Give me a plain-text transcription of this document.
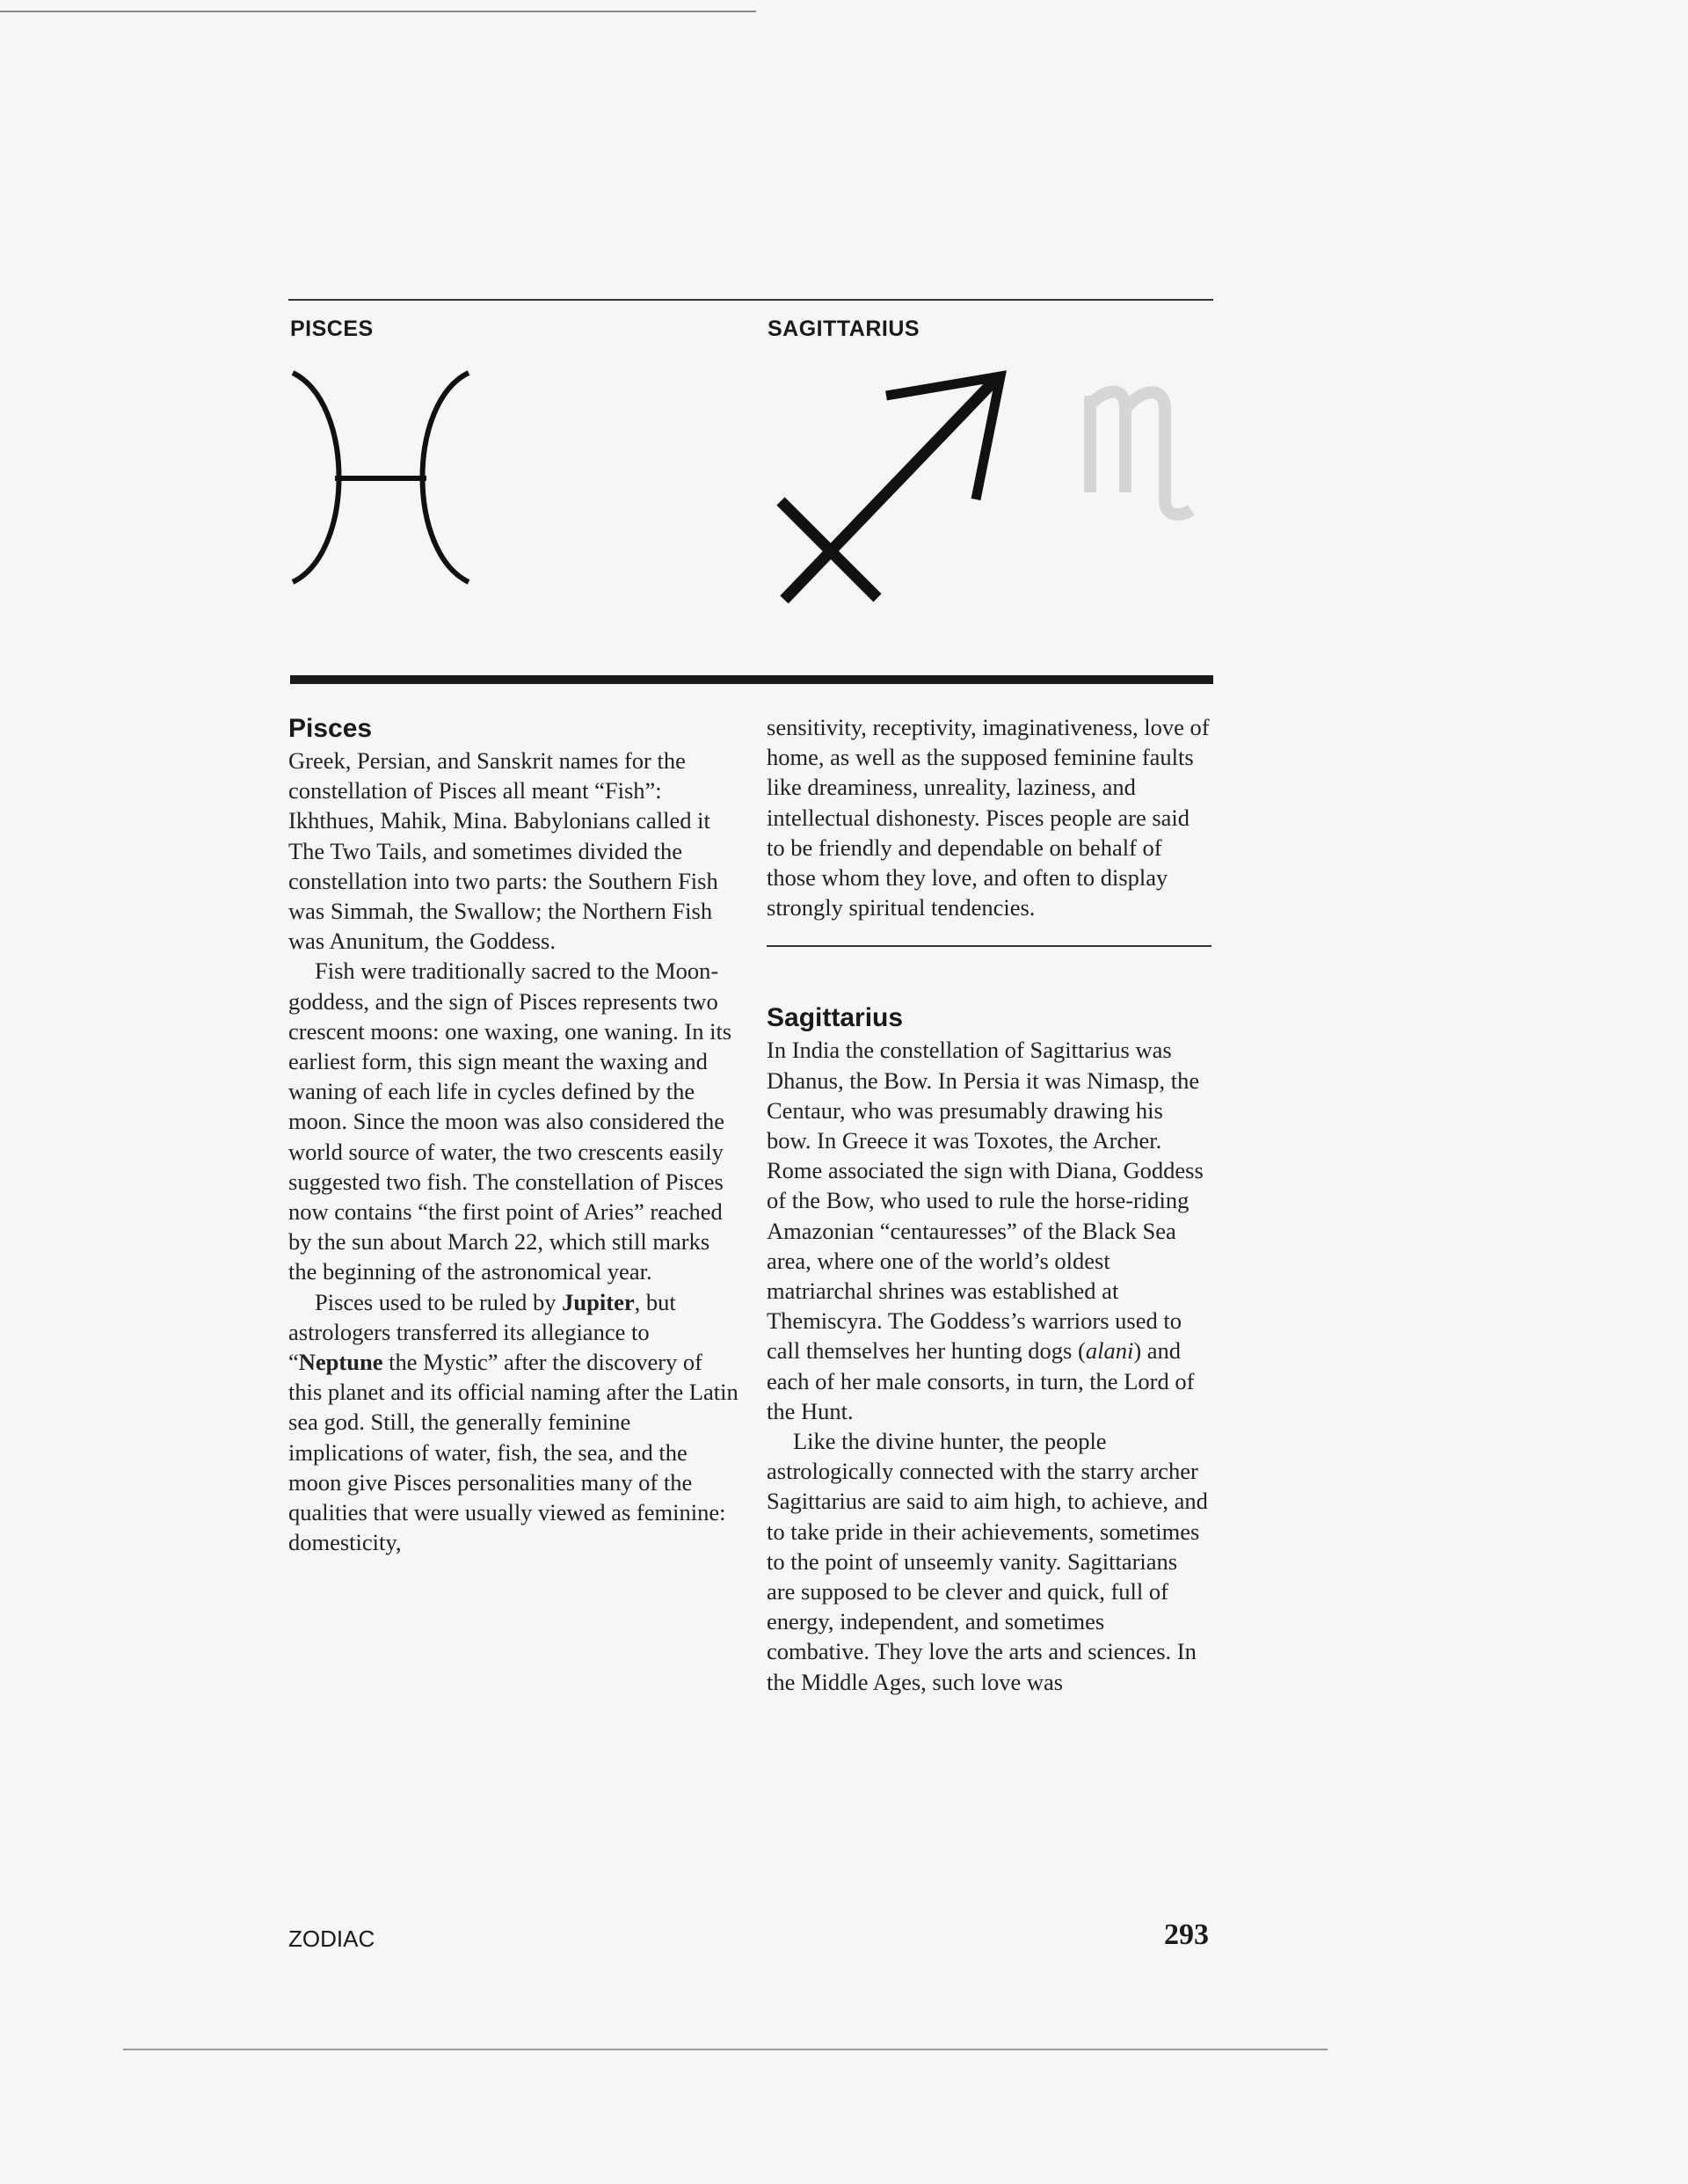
PISCES	SAGITTARIUS
Pisces

Greek, Persian, and Sanskrit names for the constellation of Pisces all meant “Fish”: Ikhthues, Mahik, Mina. Babylonians called it The Two Tails, and sometimes divided the constellation into two parts: the Southern Fish was Simmah, the Swallow; the Northern Fish was Anunitum, the Goddess.

Fish were traditionally sacred to the Moon-goddess, and the sign of Pisces represents two crescent moons: one waxing, one waning. In its earliest form, this sign meant the waxing and waning of each life in cycles defined by the moon. Since the moon was also considered the world source of water, the two crescents easily suggested two fish. The constellation of Pisces now contains “the first point of Aries” reached by the sun about March 22, which still marks the beginning of the astronomical year.

Pisces used to be ruled by Jupiter, but astrologers transferred its allegiance to “Neptune the Mystic” after the discovery of this planet and its official naming after the Latin sea god. Still, the generally feminine implications of water, fish, the sea, and the moon give Pisces personalities many of the qualities that were usually viewed as feminine: domesticity,

sensitivity, receptivity, imaginativeness, love of home, as well as the supposed feminine faults like dreaminess, unreality, laziness, and intellectual dishonesty. Pisces people are said to be friendly and dependable on behalf of those whom they love, and often to display strongly spiritual tendencies.

Sagittarius

In India the constellation of Sagittarius was Dhanus, the Bow. In Persia it was Nimasp, the Centaur, who was presumably drawing his bow. In Greece it was Toxotes, the Archer. Rome associated the sign with Diana, Goddess of the Bow, who used to rule the horse-riding Amazonian “centauresses” of the Black Sea area, where one of the world’s oldest matriarchal shrines was established at Themiscyra. The Goddess’s warriors used to call themselves her hunting dogs (alani) and each of her male consorts, in turn, the Lord of the Hunt.

Like the divine hunter, the people astrologically connected with the starry archer Sagittarius are said to aim high, to achieve, and to take pride in their achievements, sometimes to the point of unseemly vanity. Sagittarians are supposed to be clever and quick, full of energy, independent, and sometimes combative. They love the arts and sciences. In the Middle Ages, such love was

ZODIAC	293
